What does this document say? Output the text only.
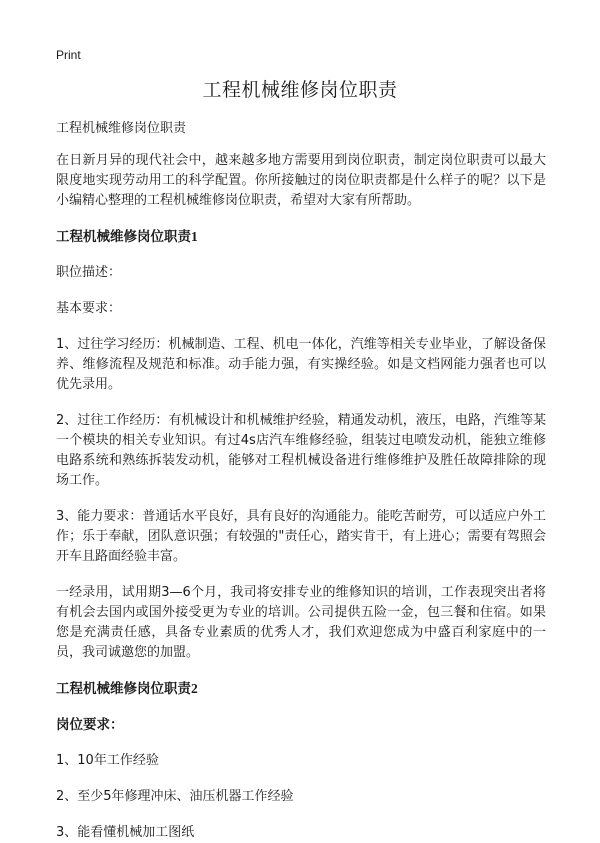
Print
工程机械维修岗位职责

工程机械维修岗位职责

在日新月异的现代社会中，越来越多地方需要用到岗位职责，制定岗位职责可以最大限度地实现劳动用工的科学配置。你所接触过的岗位职责都是什么样子的呢？以下是小编精心整理的工程机械维修岗位职责，希望对大家有所帮助。

工程机械维修岗位职责1

职位描述：

基本要求：

1、过往学习经历：机械制造、工程、机电一体化，汽维等相关专业毕业，了解设备保养、维修流程及规范和标准。动手能力强，有实操经验。如是文档网能力强者也可以优先录用。

2、过往工作经历：有机械设计和机械维护经验，精通发动机，液压，电路，汽维等某一个模块的相关专业知识。有过4s店汽车维修经验，组装过电喷发动机，能独立维修电路系统和熟练拆装发动机，能够对工程机械设备进行维修维护及胜任故障排除的现场工作。

3、能力要求：普通话水平良好，具有良好的沟通能力。能吃苦耐劳，可以适应户外工作；乐于奉献，团队意识强；有较强的"责任心，踏实肯干，有上进心；需要有驾照会开车且路面经验丰富。

一经录用，试用期3—6个月，我司将安排专业的维修知识的培训，工作表现突出者将有机会去国内或国外接受更为专业的培训。公司提供五险一金，包三餐和住宿。如果您是充满责任感，具备专业素质的优秀人才，我们欢迎您成为中盛百利家庭中的一员，我司诚邀您的加盟。

工程机械维修岗位职责2

岗位要求：

1、10年工作经验

2、至少5年修理冲床、油压机器工作经验

3、能看懂机械加工图纸
